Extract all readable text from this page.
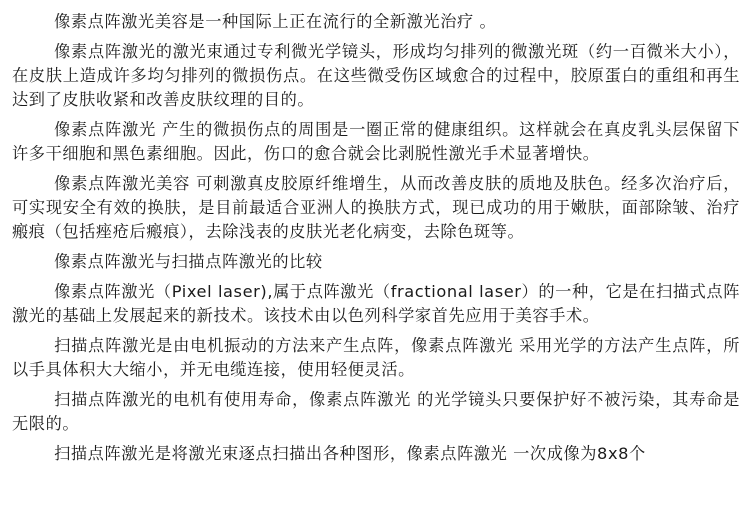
像素点阵激光美容是一种国际上正在流行的全新激光治疗 。

像素点阵激光的激光束通过专利微光学镜头，形成均匀排列的微激光斑（约一百微米大小），在皮肤上造成许多均匀排列的微损伤点。在这些微受伤区域愈合的过程中，胶原蛋白的重组和再生达到了皮肤收紧和改善皮肤纹理的目的。

像素点阵激光 产生的微损伤点的周围是一圈正常的健康组织。这样就会在真皮乳头层保留下许多干细胞和黑色素细胞。因此，伤口的愈合就会比剥脱性激光手术显著增快。

像素点阵激光美容 可刺激真皮胶原纤维增生，从而改善皮肤的质地及肤色。经多次治疗后，可实现安全有效的换肤，是目前最适合亚洲人的换肤方式，现已成功的用于嫩肤，面部除皱、治疗瘢痕（包括痤疮后瘢痕），去除浅表的皮肤光老化病变，去除色斑等。

像素点阵激光与扫描点阵激光的比较

像素点阵激光（Pixel laser),属于点阵激光（fractional laser）的一种，它是在扫描式点阵激光的基础上发展起来的新技术。该技术由以色列科学家首先应用于美容手术。

扫描点阵激光是由电机振动的方法来产生点阵，像素点阵激光 采用光学的方法产生点阵，所以手具体积大大缩小，并无电缆连接，使用轻便灵活。

扫描点阵激光的电机有使用寿命，像素点阵激光 的光学镜头只要保护好不被污染，其寿命是无限的。

扫描点阵激光是将激光束逐点扫描出各种图形，像素点阵激光 一次成像为8x8个
